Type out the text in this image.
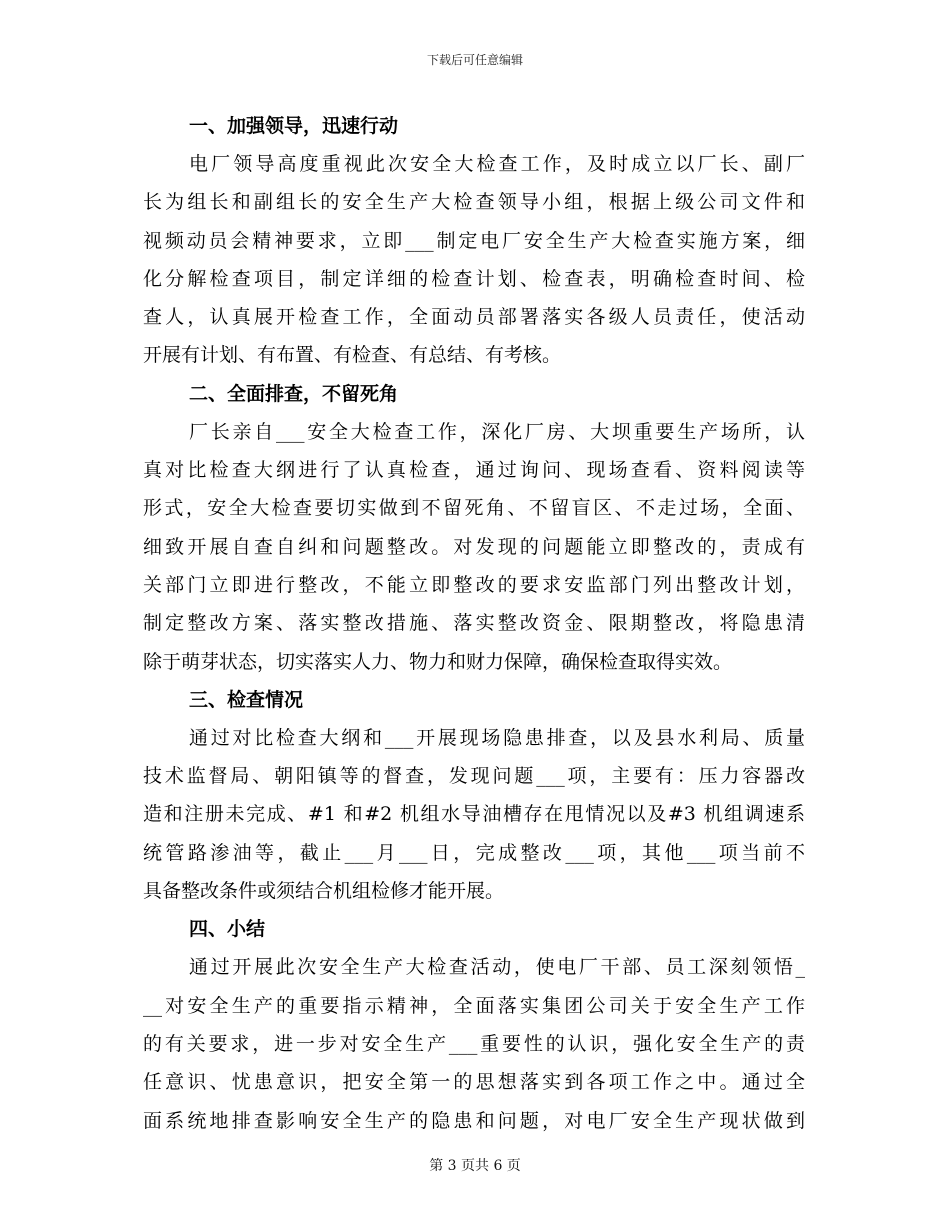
下载后可任意编辑

一、加强领导，迅速行动

电厂领导高度重视此次安全大检查工作，及时成立以厂长、副厂
长为组长和副组长的安全生产大检查领导小组，根据上级公司文件和
视频动员会精神要求，立即___制定电厂安全生产大检查实施方案，细
化分解检查项目，制定详细的检查计划、检查表，明确检查时间、检
查人，认真展开检查工作，全面动员部署落实各级人员责任，使活动
开展有计划、有布置、有检查、有总结、有考核。

二、全面排查，不留死角

厂长亲自___安全大检查工作，深化厂房、大坝重要生产场所，认
真对比检查大纲进行了认真检查，通过询问、现场查看、资料阅读等
形式，安全大检查要切实做到不留死角、不留盲区、不走过场，全面、
细致开展自查自纠和问题整改。对发现的问题能立即整改的，责成有
关部门立即进行整改，不能立即整改的要求安监部门列出整改计划，
制定整改方案、落实整改措施、落实整改资金、限期整改，将隐患清
除于萌芽状态，切实落实人力、物力和财力保障，确保检查取得实效。

三、检查情况

通过对比检查大纲和___开展现场隐患排查，以及县水利局、质量
技术监督局、朝阳镇等的督查，发现问题___项，主要有：压力容器改
造和注册未完成、#1 和#2 机组水导油槽存在甩情况以及#3 机组调速系
统管路渗油等，截止___月___日，完成整改___项，其他___项当前不
具备整改条件或须结合机组检修才能开展。

四、小结

通过开展此次安全生产大检查活动，使电厂干部、员工深刻领悟_
__对安全生产的重要指示精神，全面落实集团公司关于安全生产工作
的有关要求，进一步对安全生产___重要性的认识，强化安全生产的责
任意识、忧患意识，把安全第一的思想落实到各项工作之中。通过全
面系统地排查影响安全生产的隐患和问题，对电厂安全生产现状做到

第 3 页共 6 页
